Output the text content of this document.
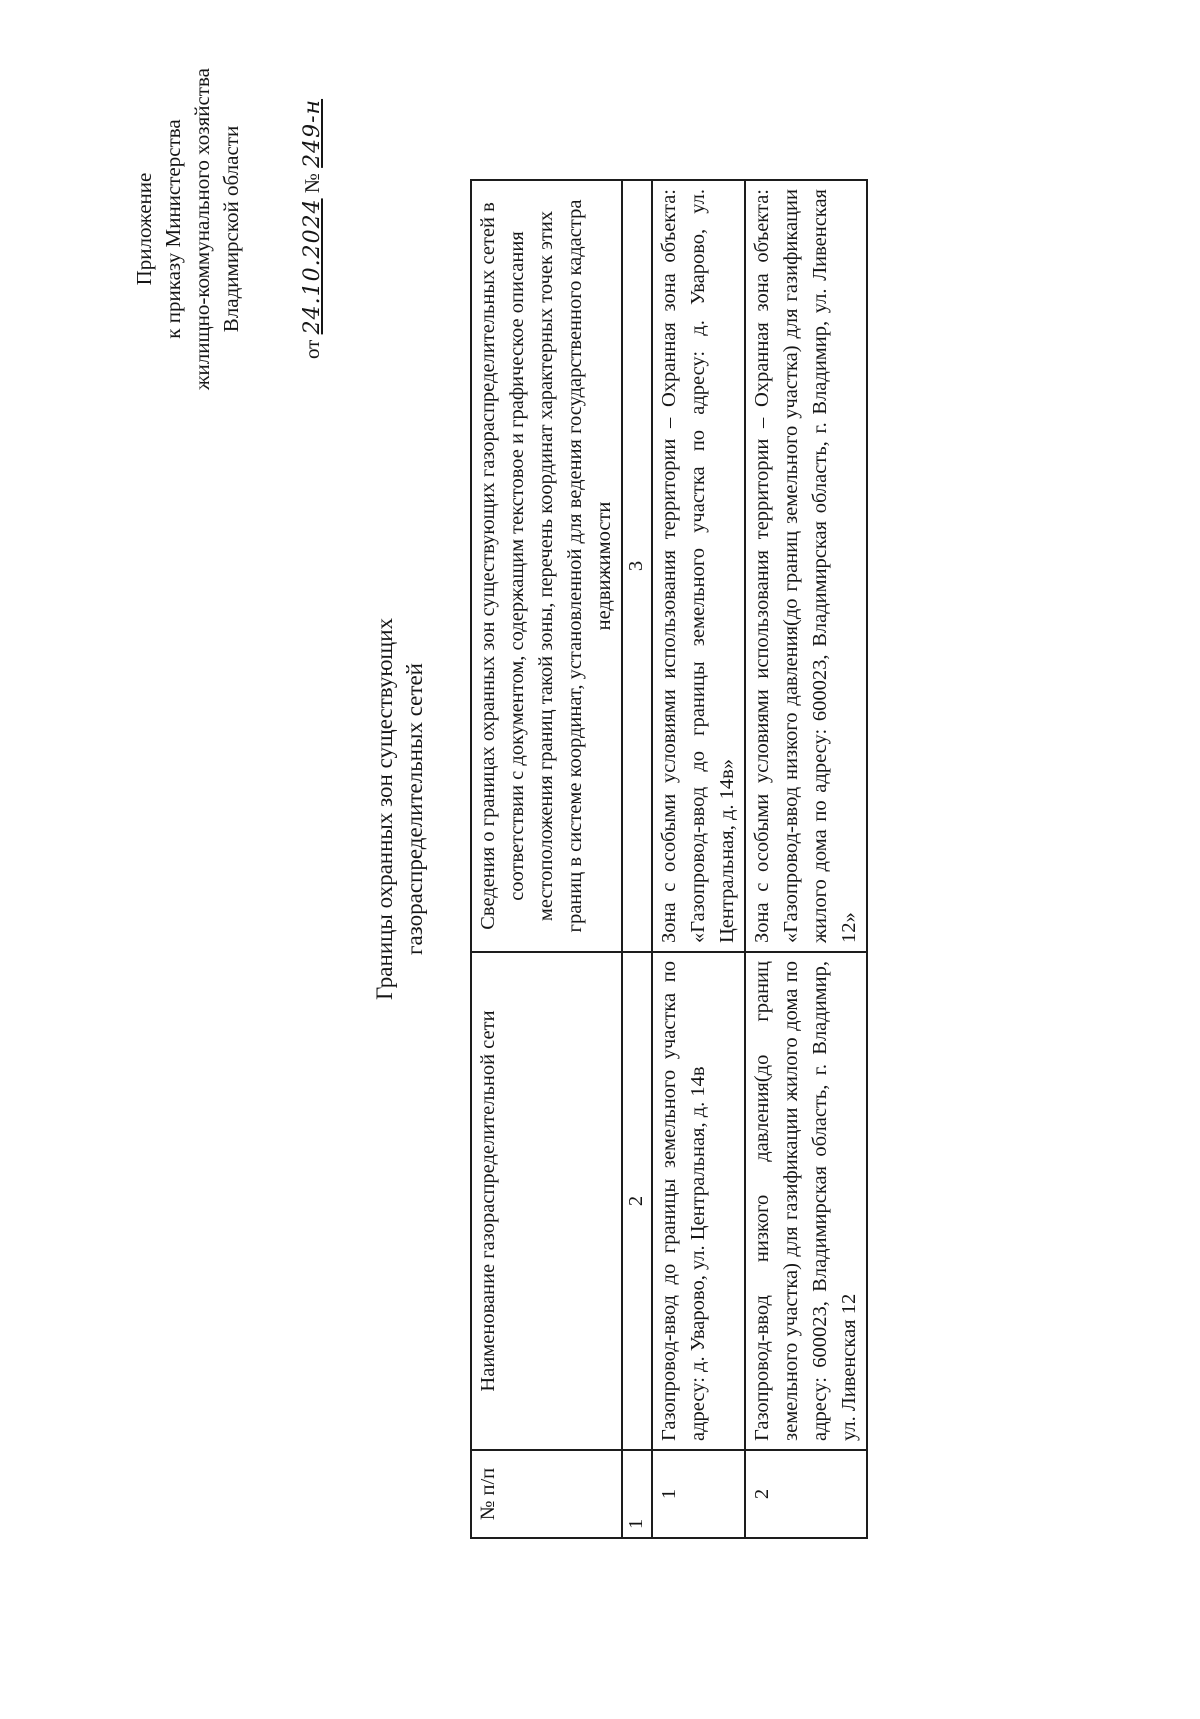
Приложение к приказу Министерства жилищно-коммунального хозяйства Владимирской области
от 24.10.2024 № 249-н
Границы охранных зон существующих газораспределительных сетей
№ п/п	Наименование газораспределительной сети	Сведения о границах охранных зон существующих газораспределительных сетей в соответствии с документом, содержащим текстовое и графическое описания местоположения границ такой зоны, перечень координат характерных точек этих границ в системе координат, установленной для ведения государственного кадастра недвижимости
1	2	3
1	Газопровод-ввод до границы земельного участка по адресу: д. Уварово, ул. Центральная, д. 14в	Зона с особыми условиями использования территории – Охранная зона объекта: «Газопровод-ввод до границы земельного участка по адресу: д. Уварово, ул. Центральная, д. 14в»
2	Газопровод-ввод низкого давления(до границ земельного участка) для газификации жилого дома по адресу: 600023, Владимирская область, г. Владимир, ул. Ливенская 12	Зона с особыми условиями использования территории – Охранная зона объекта: «Газопровод-ввод низкого давления(до границ земельного участка) для газификации жилого дома по адресу: 600023, Владимирская область, г. Владимир, ул. Ливенская 12»
